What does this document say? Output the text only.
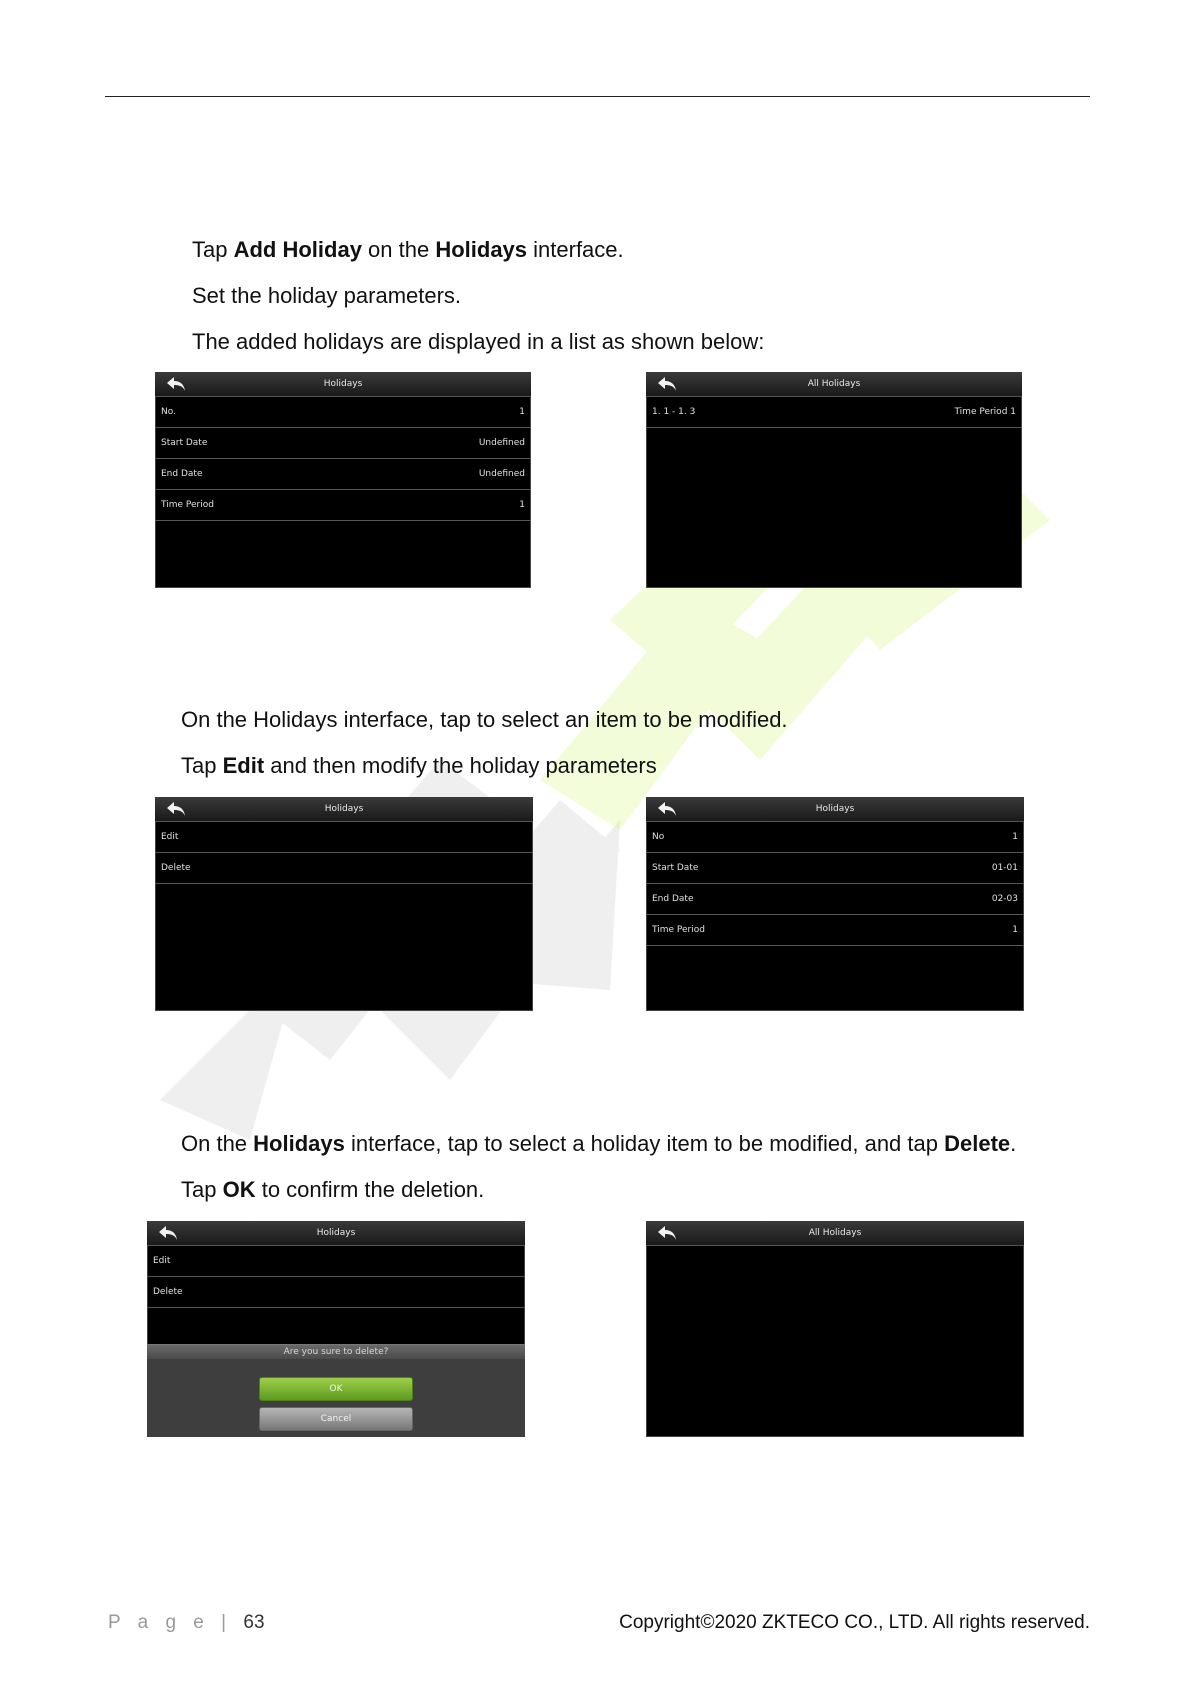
Tap Add Holiday on the Holidays interface.
Set the holiday parameters.
The added holidays are displayed in a list as shown below:
Holidays
No.	1
Start Date	Undefined
End Date	Undefined
Time Period	1
All Holidays
1. 1 - 1. 3	Time Period 1
On the Holidays interface, tap to select an item to be modified.
Tap Edit and then modify the holiday parameters
Holidays
Edit
Delete
Holidays
No	1
Start Date	01-01
End Date	02-03
Time Period	1
On the Holidays interface, tap to select a holiday item to be modified, and tap Delete.
Tap OK to confirm the deletion.
Holidays
Edit
Delete
Are you sure to delete?
OK
Cancel
All Holidays
P a g e | 63	Copyright©2020 ZKTECO CO., LTD. All rights reserved.
